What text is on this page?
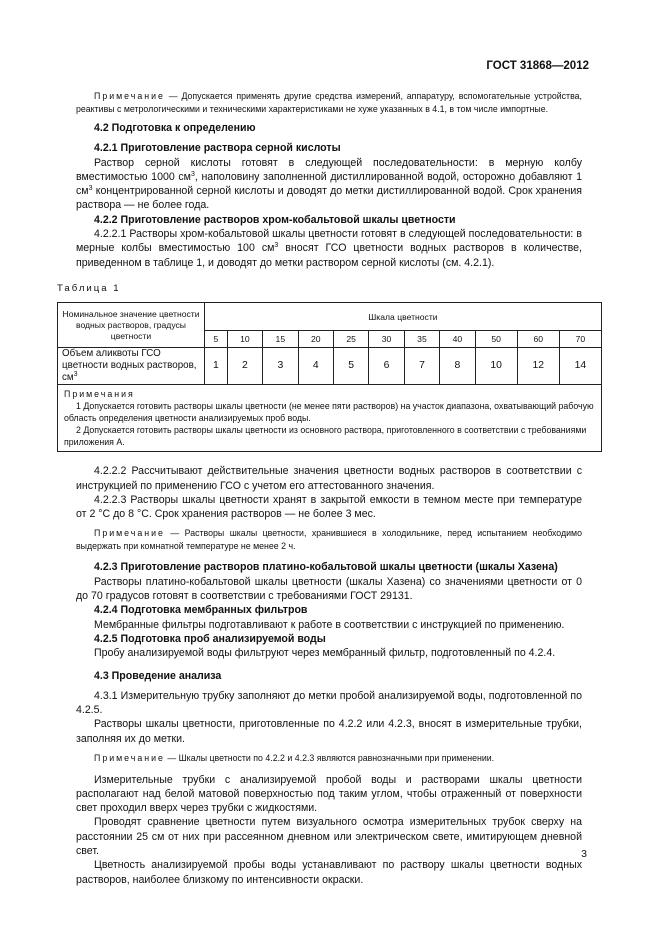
ГОСТ 31868—2012

Примечание — Допускается применять другие средства измерений, аппаратуру, вспомогательные устройства, реактивы с метрологическими и техническими характеристиками не хуже указанных в 4.1, в том числе импортные.

4.2 Подготовка к определению

4.2.1 Приготовление раствора серной кислоты

Раствор серной кислоты готовят в следующей последовательности: в мерную колбу вместимостью 1000 $см^3$, наполовину заполненной дистиллированной водой, осторожно добавляют 1 $см^3$ концентрированной серной кислоты и доводят до метки дистиллированной водой. Срок хранения раствора — не более года.

4.2.2 Приготовление растворов хром-кобальтовой шкалы цветности

4.2.2.1 Растворы хром-кобальтовой шкалы цветности готовят в следующей последовательности: в мерные колбы вместимостью 100 $см^3$ вносят ГСО цветности водных растворов в количестве, приведенном в таблице 1, и доводят до метки раствором серной кислоты (см. 4.2.1).

Таблица 1

Номинальное значение цветности водных растворов, градусы цветности	Шкала цветности										
	5	10	15	20	25	30	35	40	50	60	70
Объем аликвоты ГСО цветности водных растворов, $см^3$	1	2	3	4	5	6	7	8	10	12	14

Примечания
1 Допускается готовить растворы шкалы цветности (не менее пяти растворов) на участок диапазона, охватывающий рабочую область определения цветности анализируемых проб воды.
2 Допускается готовить растворы шкалы цветности из основного раствора, приготовленного в соответствии с требованиями приложения А.											

4.2.2.2 Рассчитывают действительные значения цветности водных растворов в соответствии с инструкцией по применению ГСО с учетом его аттестованного значения.

4.2.2.3 Растворы шкалы цветности хранят в закрытой емкости в темном месте при температуре от 2 °С до 8 °С. Срок хранения растворов — не более 3 мес.

Примечание — Растворы шкалы цветности, хранившиеся в холодильнике, перед испытанием необходимо выдержать при комнатной температуре не менее 2 ч.

4.2.3 Приготовление растворов платино-кобальтовой шкалы цветности (шкалы Хазена)

Растворы платино-кобальтовой шкалы цветности (шкалы Хазена) со значениями цветности от 0 до 70 градусов готовят в соответствии с требованиями ГОСТ 29131.

4.2.4 Подготовка мембранных фильтров

Мембранные фильтры подготавливают к работе в соответствии с инструкцией по применению.

4.2.5 Подготовка проб анализируемой воды

Пробу анализируемой воды фильтруют через мембранный фильтр, подготовленный по 4.2.4.

4.3 Проведение анализа

4.3.1 Измерительную трубку заполняют до метки пробой анализируемой воды, подготовленной по 4.2.5.

Растворы шкалы цветности, приготовленные по 4.2.2 или 4.2.3, вносят в измерительные трубки, заполняя их до метки.

Примечание — Шкалы цветности по 4.2.2 и 4.2.3 являются равнозначными при применении.

Измерительные трубки с анализируемой пробой воды и растворами шкалы цветности располагают над белой матовой поверхностью под таким углом, чтобы отраженный от поверхности свет проходил вверх через трубки с жидкостями.

Проводят сравнение цветности путем визуального осмотра измерительных трубок сверху на расстоянии 25 см от них при рассеянном дневном или электрическом свете, имитирующем дневной свет.

Цветность анализируемой пробы воды устанавливают по раствору шкалы цветности водных растворов, наиболее близкому по интенсивности окраски.

3
